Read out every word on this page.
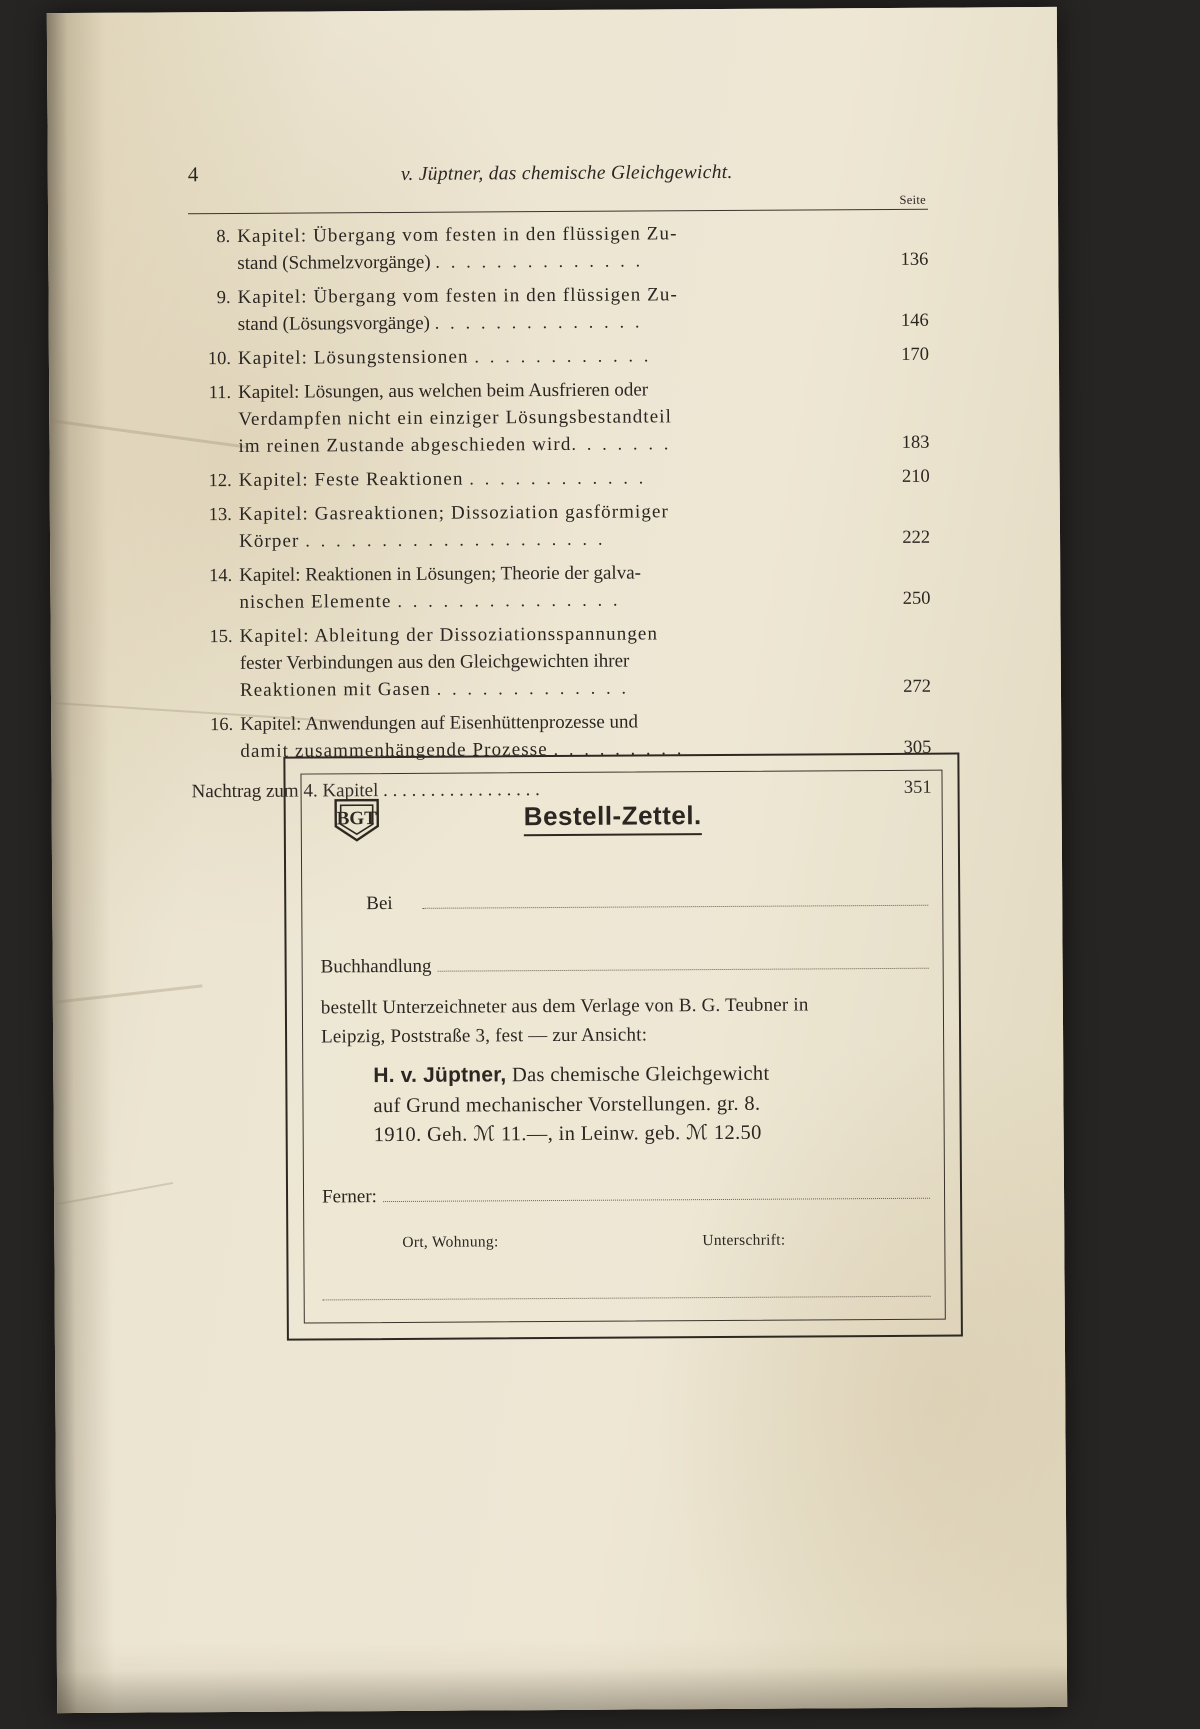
4	v. Jüptner, das chemische Gleichgewicht.
Seite
8. Kapitel: Übergang vom festen in den flüssigen Zu-
stand (Schmelzvorgänge) . . . . . . . . . . . . . .	136
9. Kapitel: Übergang vom festen in den flüssigen Zu-
stand (Lösungsvorgänge) . . . . . . . . . . . . . .	146
10. Kapitel: Lösungstensionen . . . . . . . . . . . .	170
11. Kapitel: Lösungen, aus welchen beim Ausfrieren oder
Verdampfen nicht ein einziger Lösungsbestandteil
im reinen Zustande abgeschieden wird. . . . . . .	183
12. Kapitel: Feste Reaktionen . . . . . . . . . . . .	210
13. Kapitel: Gasreaktionen; Dissoziation gasförmiger
Körper . . . . . . . . . . . . . . . . . . . .	222
14. Kapitel: Reaktionen in Lösungen; Theorie der galva-
nischen Elemente . . . . . . . . . . . . . . .	250
15. Kapitel: Ableitung der Dissoziationsspannungen
fester Verbindungen aus den Gleichgewichten ihrer
Reaktionen mit Gasen . . . . . . . . . . . . .	272
16. Kapitel: Anwendungen auf Eisenhüttenprozesse und
damit zusammenhängende Prozesse . . . . . . . . .	305
Nachtrag zum 4. Kapitel . . . . . . . . . . . . . . . . .	351
BGT	Bestell-Zettel.
Bei
Buchhandlung
bestellt Unterzeichneter aus dem Verlage von B. G. Teubner in
Leipzig, Poststraße 3, fest — zur Ansicht:
H. v. Jüptner, Das chemische Gleichgewicht
auf Grund mechanischer Vorstellungen. gr. 8.
1910. Geh. ℳ 11.—, in Leinw. geb. ℳ 12.50
Ferner:
Ort, Wohnung:	Unterschrift:
